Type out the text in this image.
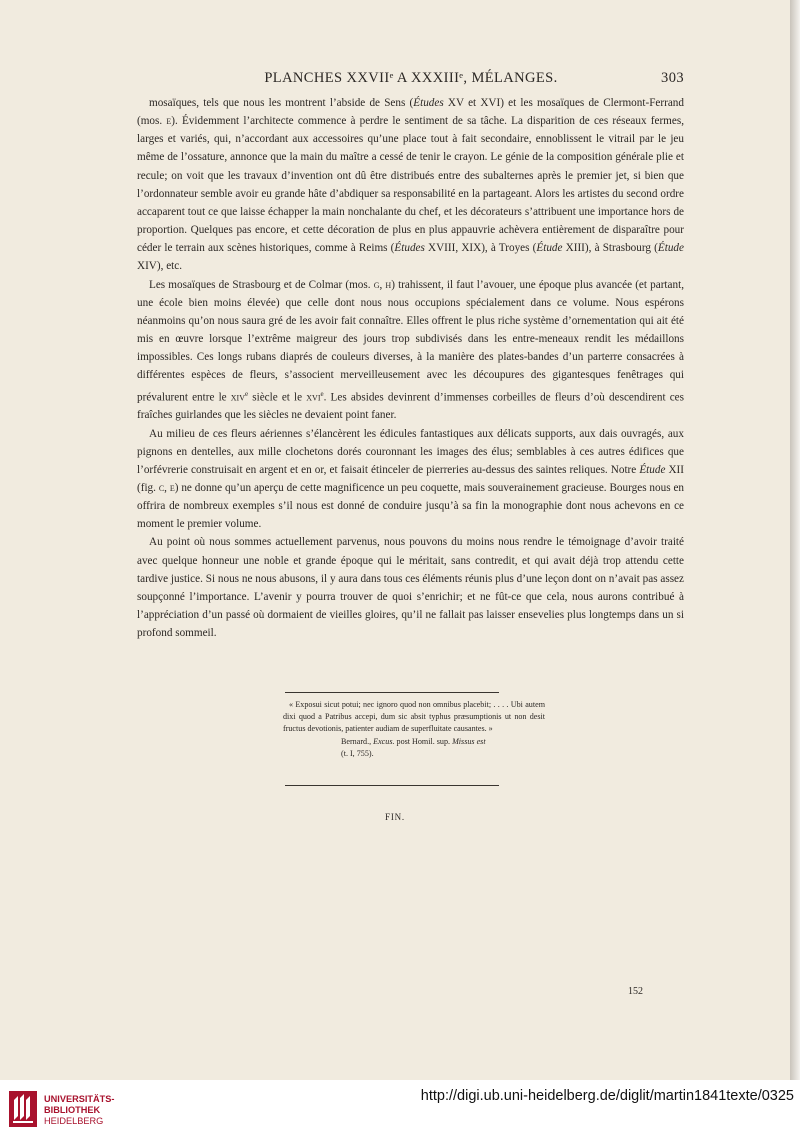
PLANCHES XXVIIᵉ A XXXIIIᵉ, MÉLANGES.	303

mosaïques, tels que nous les montrent l’abside de Sens (Études XV et XVI) et les mosaïques de Clermont-Ferrand (mos. e). Évidemment l’architecte commence à perdre le sentiment de sa tâche. La disparition de ces réseaux fermes, larges et variés, qui, n’accordant aux accessoires qu’une place tout à fait secondaire, ennoblissent le vitrail par le jeu même de l’ossature, annonce que la main du maître a cessé de tenir le crayon. Le génie de la composition générale plie et recule; on voit que les travaux d’invention ont dû être distribués entre des subalternes après le premier jet, si bien que l’ordonnateur semble avoir eu grande hâte d’abdiquer sa responsabilité en la partageant. Alors les artistes du second ordre accaparent tout ce que laisse échapper la main nonchalante du chef, et les décorateurs s’attribuent une importance hors de proportion. Quelques pas encore, et cette décoration de plus en plus appauvrie achèvera entièrement de disparaître pour céder le terrain aux scènes historiques, comme à Reims (Études XVIII, XIX), à Troyes (Étude XIII), à Strasbourg (Étude XIV), etc.

Les mosaïques de Strasbourg et de Colmar (mos. g, h) trahissent, il faut l’avouer, une époque plus avancée (et partant, une école bien moins élevée) que celle dont nous nous occupions spécialement dans ce volume. Nous espérons néanmoins qu’on nous saura gré de les avoir fait connaître. Elles offrent le plus riche système d’ornementation qui ait été mis en œuvre lorsque l’extrême maigreur des jours trop subdivisés dans les entre-meneaux rendit les médaillons impossibles. Ces longs rubans diaprés de couleurs diverses, à la manière des plates-bandes d’un parterre consacrées à différentes espèces de fleurs, s’associent merveilleusement avec les découpures des gigantesques fenêtrages qui prévalurent entre le xiv$^e$ siècle et le xvi$^e$. Les absides devinrent d’immenses corbeilles de fleurs d’où descendirent ces fraîches guirlandes que les siècles ne devaient point faner.

Au milieu de ces fleurs aériennes s’élancèrent les édicules fantastiques aux délicats supports, aux dais ouvragés, aux pignons en dentelles, aux mille clochetons dorés couronnant les images des élus; semblables à ces autres édifices que l’orfévrerie construisait en argent et en or, et faisait étinceler de pierreries au-dessus des saintes reliques. Notre Étude XII (fig. c, e) ne donne qu’un aperçu de cette magnificence un peu coquette, mais souverainement gracieuse. Bourges nous en offrira de nombreux exemples s’il nous est donné de conduire jusqu’à sa fin la monographie dont nous achevons en ce moment le premier volume.

Au point où nous sommes actuellement parvenus, nous pouvons du moins nous rendre le témoignage d’avoir traité avec quelque honneur une noble et grande époque qui le méritait, sans contredit, et qui avait déjà trop attendu cette tardive justice. Si nous ne nous abusons, il y aura dans tous ces éléments réunis plus d’une leçon dont on n’avait pas assez soupçonné l’importance. L’avenir y pourra trouver de quoi s’enrichir; et ne fût-ce que cela, nous aurons contribué à l’appréciation d’un passé où dormaient de vieilles gloires, qu’il ne fallait pas laisser ensevelies plus longtemps dans un si profond sommeil.

« Exposui sicut potui; nec ignoro quod non omnibus placebit; . . . . Ubi autem dixi quod a Patribus accepi, dum sic absit typhus præsumptionis ut non desit fructus devotionis, patienter audiam de superfluitate causantes. »

Bernard., Excus. post Homil. sup. Missus est

(t. I, 755).

FIN.
152
UNIVERSITÄTS-
BIBLIOTHEK
HEIDELBERG
http://digi.ub.uni-heidelberg.de/diglit/martin1841texte/0325
